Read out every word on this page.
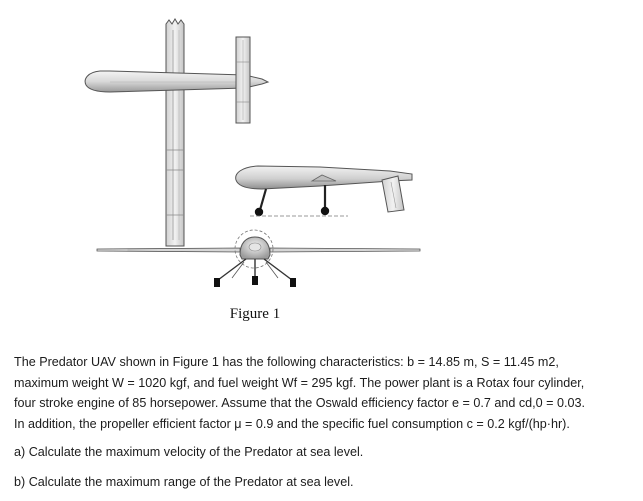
Figure 1

The Predator UAV shown in Figure 1 has the following characteristics: b = 14.85 m, S = 11.45 m2,

maximum weight W = 1020 kgf, and fuel weight Wf = 295 kgf. The power plant is a Rotax four cylinder,

four stroke engine of 85 horsepower. Assume that the Oswald efficiency factor e = 0.7 and cd,0 = 0.03.

In addition, the propeller efficient factor μ = 0.9 and the specific fuel consumption c = 0.2 kgf/(hp·hr).

a) Calculate the maximum velocity of the Predator at sea level.

b) Calculate the maximum range of the Predator at sea level.
